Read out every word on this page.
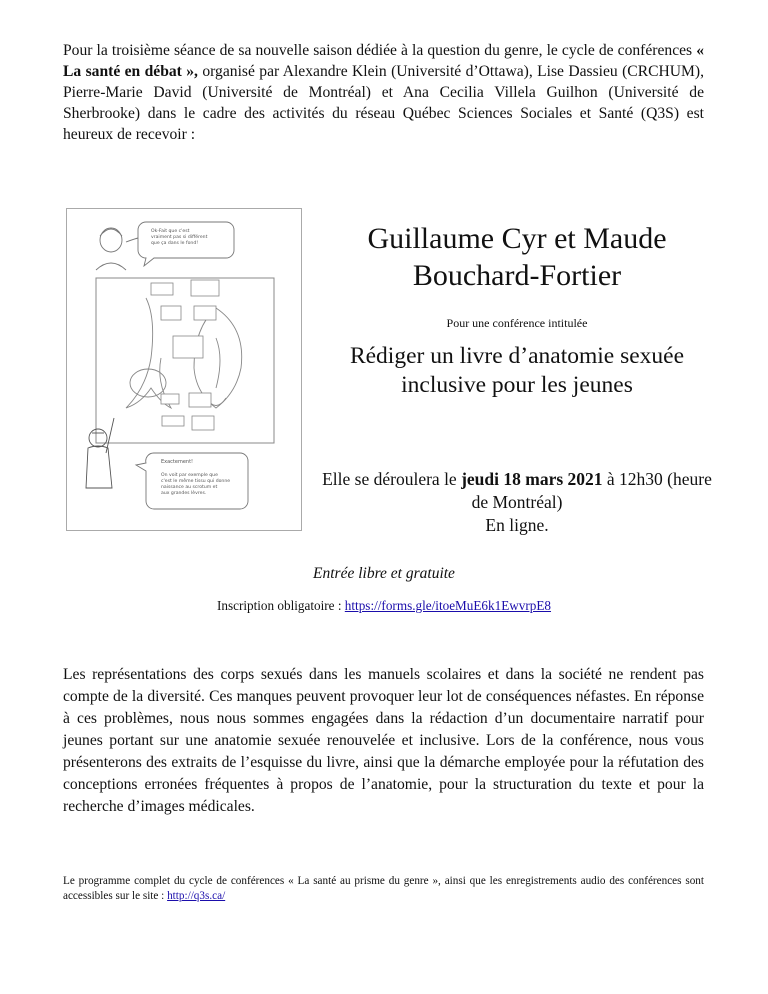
Pour la troisième séance de sa nouvelle saison dédiée à la question du genre, le cycle de conférences « La santé en débat », organisé par Alexandre Klein (Université d’Ottawa), Lise Dassieu (CRCHUM), Pierre-Marie David (Université de Montréal) et Ana Cecilia Villela Guilhon (Université de Sherbrooke) dans le cadre des activités du réseau Québec Sciences Sociales et Santé (Q3S) est heureux de recevoir :
Ok-Fait que c'est vraiment pas si différent que ça dans le fond!
Exactement!
On voit par exemple que c'est le même tissu qui donne naissance au scrotum et aux grandes lèvres.
Guillaume Cyr et Maude Bouchard-Fortier
Pour une conférence intitulée
Rédiger un livre d’anatomie sexuée inclusive pour les jeunes
Elle se déroulera le jeudi 18 mars 2021 à 12h30 (heure de Montréal)
En ligne.
Entrée libre et gratuite
Inscription obligatoire : https://forms.gle/itoeMuE6k1EwvrpE8
Les représentations des corps sexués dans les manuels scolaires et dans la société ne rendent pas compte de la diversité. Ces manques peuvent provoquer leur lot de conséquences néfastes. En réponse à ces problèmes, nous nous sommes engagées dans la rédaction d’un documentaire narratif pour jeunes portant sur une anatomie sexuée renouvelée et inclusive. Lors de la conférence, nous vous présenterons des extraits de l’esquisse du livre, ainsi que la démarche employée pour la réfutation des conceptions erronées fréquentes à propos de l’anatomie, pour la structuration du texte et pour la recherche d’images médicales.
Le programme complet du cycle de conférences « La santé au prisme du genre », ainsi que les enregistrements audio des conférences sont accessibles sur le site : http://q3s.ca/
